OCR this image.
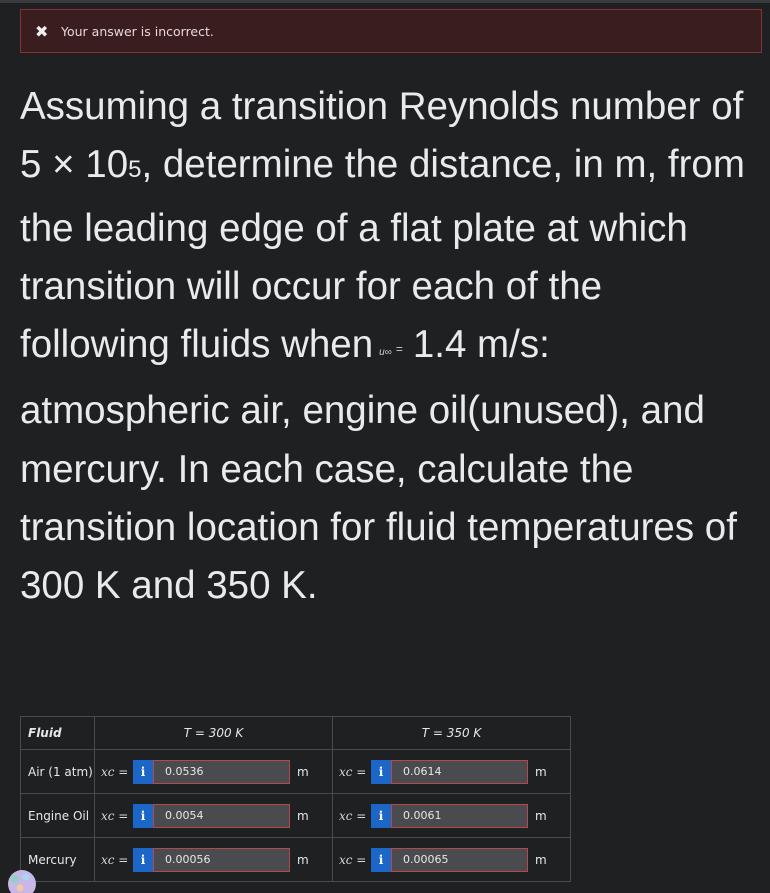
✖	Your answer is incorrect.
Assuming a transition Reynolds number of 5 × 105, determine the distance, in m, from the leading edge of a flat plate at which transition will occur for each of the following fluids when u∞ = 1.4 m/s: atmospheric air, engine oil(unused), and mercury. In each case, calculate the transition location for fluid temperatures of 300 K and 350 K.
Fluid	T = 300 K	T = 350 K
Air (1 atm)	xc = i 0.0536 m	xc = i 0.0614 m

Engine Oil	xc = i 0.0054 m	xc = i 0.0061 m

Mercury	xc = i 0.00056 m	xc = i 0.00065 m
